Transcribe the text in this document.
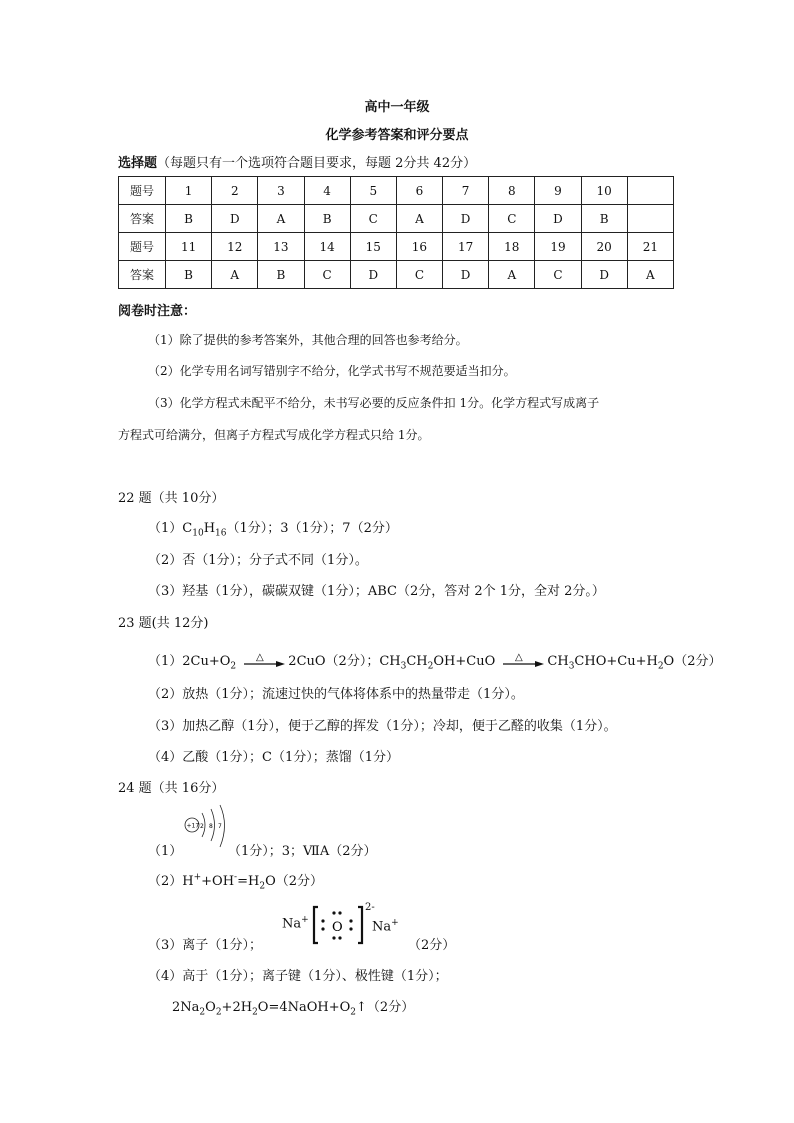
高中一年级
化学参考答案和评分要点
选择题（每题只有一个选项符合题目要求，每题 2分共 42分）
题号	1	2	3	4	5	6	7	8	9	10	
答案	B	D	A	B	C	A	D	C	D	B	
题号	11	12	13	14	15	16	17	18	19	20	21
答案	B	A	B	C	D	C	D	A	C	D	A
阅卷时注意：
（1）除了提供的参考答案外，其他合理的回答也参考给分。
（2）化学专用名词写错别字不给分，化学式书写不规范要适当扣分。
（3）化学方程式未配平不给分，未书写必要的反应条件扣 1分。化学方程式写成离子
方程式可给满分，但离子方程式写成化学方程式只给 1分。
22 题（共 10分）
$(1)C_{10}H_{16}(1$分）；3（1分）；7（2分）
（2）否（1分）；分子式不同（1分）。
（3）羟基（1分），碳碳双键（1分）；ABC（2分，答对 2个 1分，全对 2分。）
23 题(共 12分)
$(1)2Cu+O_2$
△ 2CuO（2分）；$CH_3CH_2OH+CuO$ △ $CH_3CHO+Cu+H_2O(2$分）
（2）放热（1分）；流速过快的气体将体系中的热量带走（1分）。
（3）加热乙醇（1分），便于乙醇的挥发（1分）；冷却，便于乙醛的收集（1分）。
（4）乙酸（1分）；C（1分）；蒸馏（1分）
24 题（共 16分）
+17 2 8 7
（1）	（1分）；3；ⅦA（2分）
$(2)H^++OH^-=H_2O(2$分）
（3）离子（1分）；
Na+ O
2-
Na+
（2分）
（4）高于（1分）；离子键（1分）、极性键（1分）；
$2Na_2O_2+2H_2O=4NaOH+O_2↑(2$分）
